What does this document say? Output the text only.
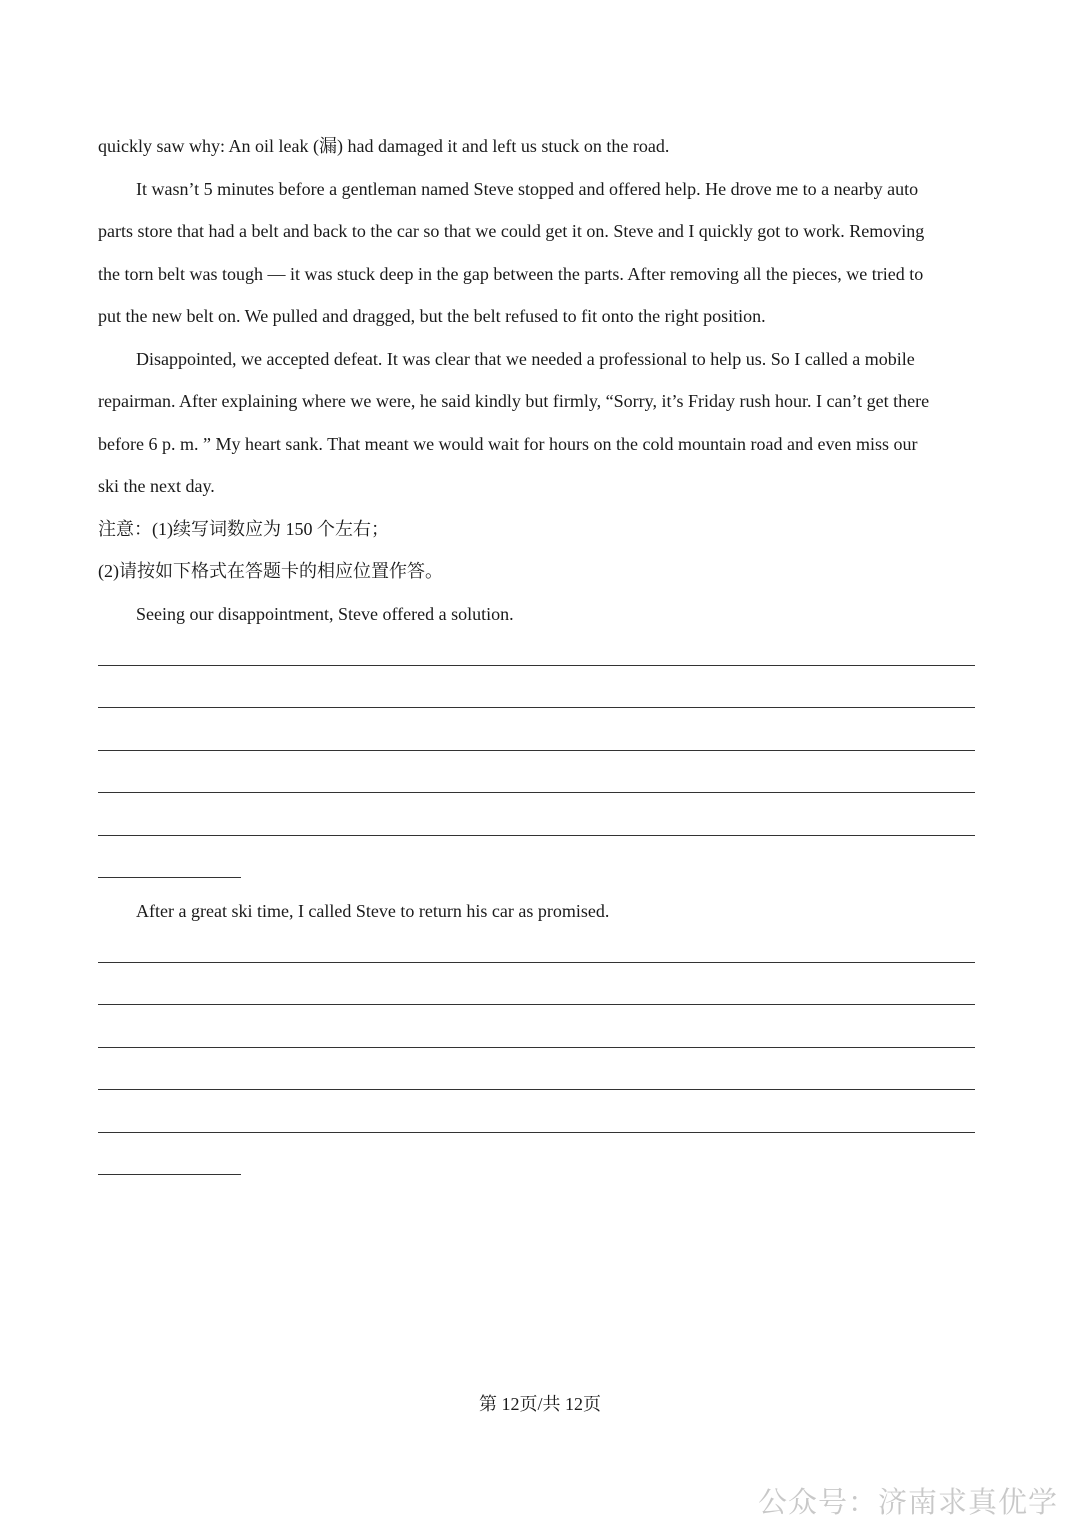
quickly saw why: An oil leak (漏) had damaged it and left us stuck on the road.
It wasn’t 5 minutes before a gentleman named Steve stopped and offered help. He drove me to a nearby auto
parts store that had a belt and back to the car so that we could get it on. Steve and I quickly got to work. Removing
the torn belt was tough — it was stuck deep in the gap between the parts. After removing all the pieces, we tried to
put the new belt on. We pulled and dragged, but the belt refused to fit onto the right position.
Disappointed, we accepted defeat. It was clear that we needed a professional to help us. So I called a mobile
repairman. After explaining where we were, he said kindly but firmly, “Sorry, it’s Friday rush hour. I can’t get there
before 6 p. m. ” My heart sank. That meant we would wait for hours on the cold mountain road and even miss our
ski the next day.
注意：(1)续写词数应为 150 个左右；
(2)请按如下格式在答题卡的相应位置作答。
Seeing our disappointment, Steve offered a solution.
After a great ski time, I called Steve to return his car as promised.
第 12页/共 12页
公众号：济南求真优学
